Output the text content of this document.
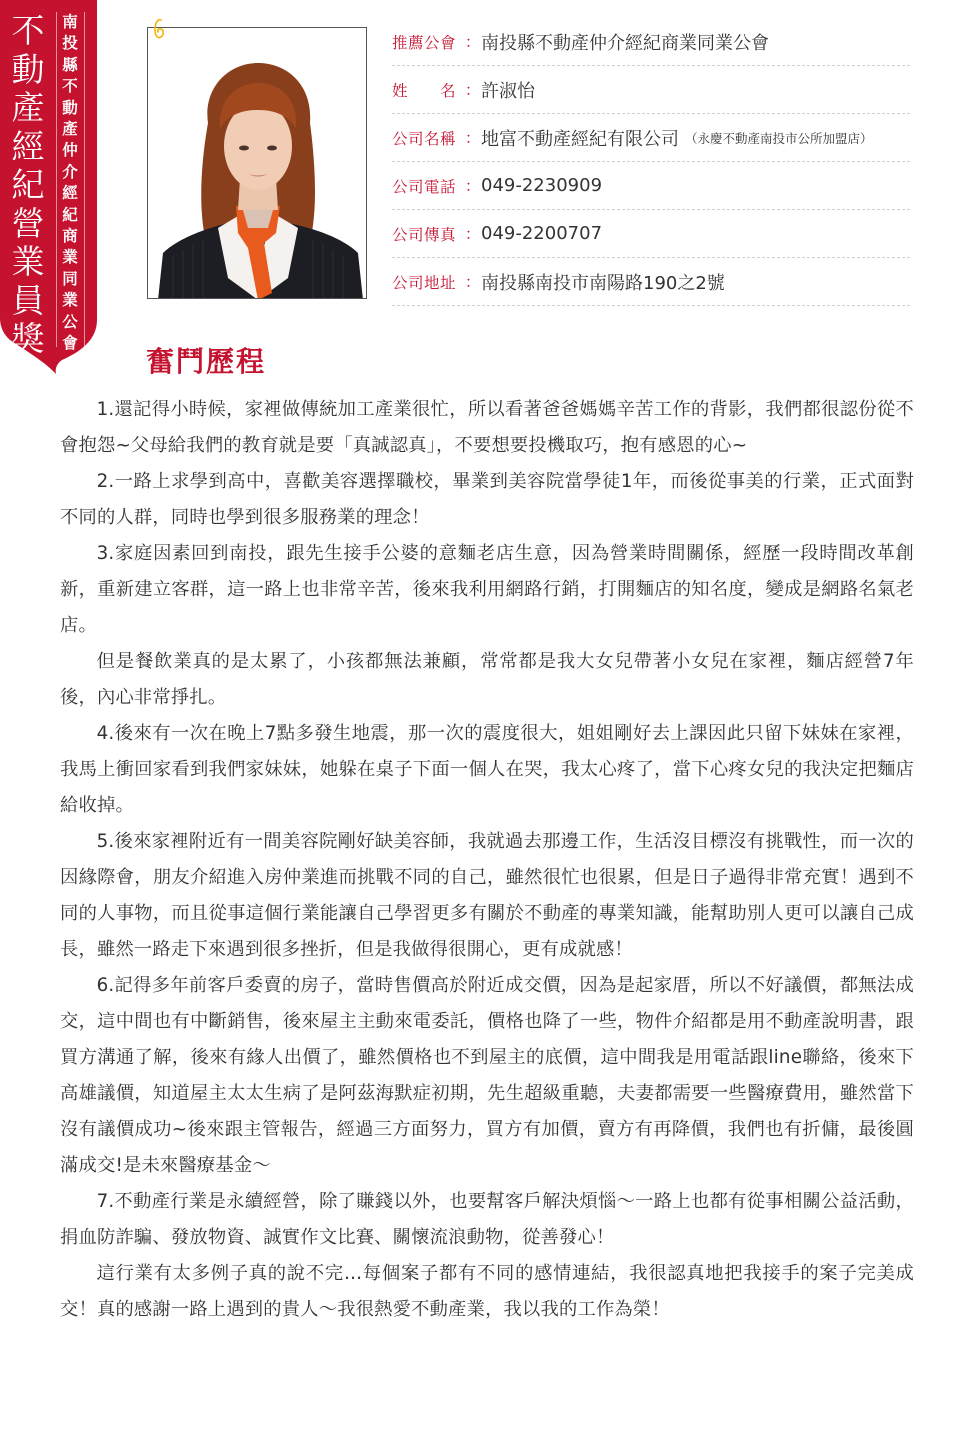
不
動
產
經
紀
營
業
員
獎
南
投
縣
不
動
產
仲
介
經
紀
商
業
同
業
公
會
推薦公會 ： 南投縣不動產仲介經紀商業同業公會
姓　　名 ： 許淑怡
公司名稱 ： 地富不動產經紀有限公司 （永慶不動產南投市公所加盟店）
公司電話 ： 049-2230909
公司傳真 ： 049-2200707
公司地址 ： 南投縣南投市南陽路190之2號
奮鬥歷程

1.還記得小時候，家裡做傳統加工產業很忙，所以看著爸爸媽媽辛苦工作的背影，我們都很認份從不會抱怨~父母給我們的教育就是要「真誠認真」，不要想要投機取巧，抱有感恩的心~

2.一路上求學到高中，喜歡美容選擇職校，畢業到美容院當學徒1年，而後從事美的行業，正式面對不同的人群，同時也學到很多服務業的理念！

3.家庭因素回到南投，跟先生接手公婆的意麵老店生意，因為營業時間關係，經歷一段時間改革創新，重新建立客群，這一路上也非常辛苦，後來我利用網路行銷，打開麵店的知名度，變成是網路名氣老店。

但是餐飲業真的是太累了，小孩都無法兼顧，常常都是我大女兒帶著小女兒在家裡，麵店經營7年後，內心非常掙扎。

4.後來有一次在晚上7點多發生地震，那一次的震度很大，姐姐剛好去上課因此只留下妹妹在家裡，我馬上衝回家看到我們家妹妹，她躲在桌子下面一個人在哭，我太心疼了，當下心疼女兒的我決定把麵店給收掉。

5.後來家裡附近有一間美容院剛好缺美容師，我就過去那邊工作，生活沒目標沒有挑戰性，而一次的因緣際會，朋友介紹進入房仲業進而挑戰不同的自己，雖然很忙也很累，但是日子過得非常充實！遇到不同的人事物，而且從事這個行業能讓自己學習更多有關於不動產的專業知識，能幫助別人更可以讓自己成長，雖然一路走下來遇到很多挫折，但是我做得很開心，更有成就感！

6.記得多年前客戶委賣的房子，當時售價高於附近成交價，因為是起家厝，所以不好議價，都無法成交，這中間也有中斷銷售，後來屋主主動來電委託，價格也降了一些，物件介紹都是用不動產說明書，跟買方溝通了解，後來有緣人出價了，雖然價格也不到屋主的底價，這中間我是用電話跟line聯絡，後來下高雄議價，知道屋主太太生病了是阿茲海默症初期，先生超級重聽，夫妻都需要一些醫療費用，雖然當下沒有議價成功~後來跟主管報告，經過三方面努力，買方有加價，賣方有再降價，我們也有折傭，最後圓滿成交!是未來醫療基金～

7.不動產行業是永續經營，除了賺錢以外，也要幫客戶解決煩惱～一路上也都有從事相關公益活動，捐血防詐騙、發放物資、誠實作文比賽、關懷流浪動物，從善發心！

這行業有太多例子真的說不完…每個案子都有不同的感情連結，我很認真地把我接手的案子完美成交！真的感謝一路上遇到的貴人～我很熱愛不動產業，我以我的工作為榮！
